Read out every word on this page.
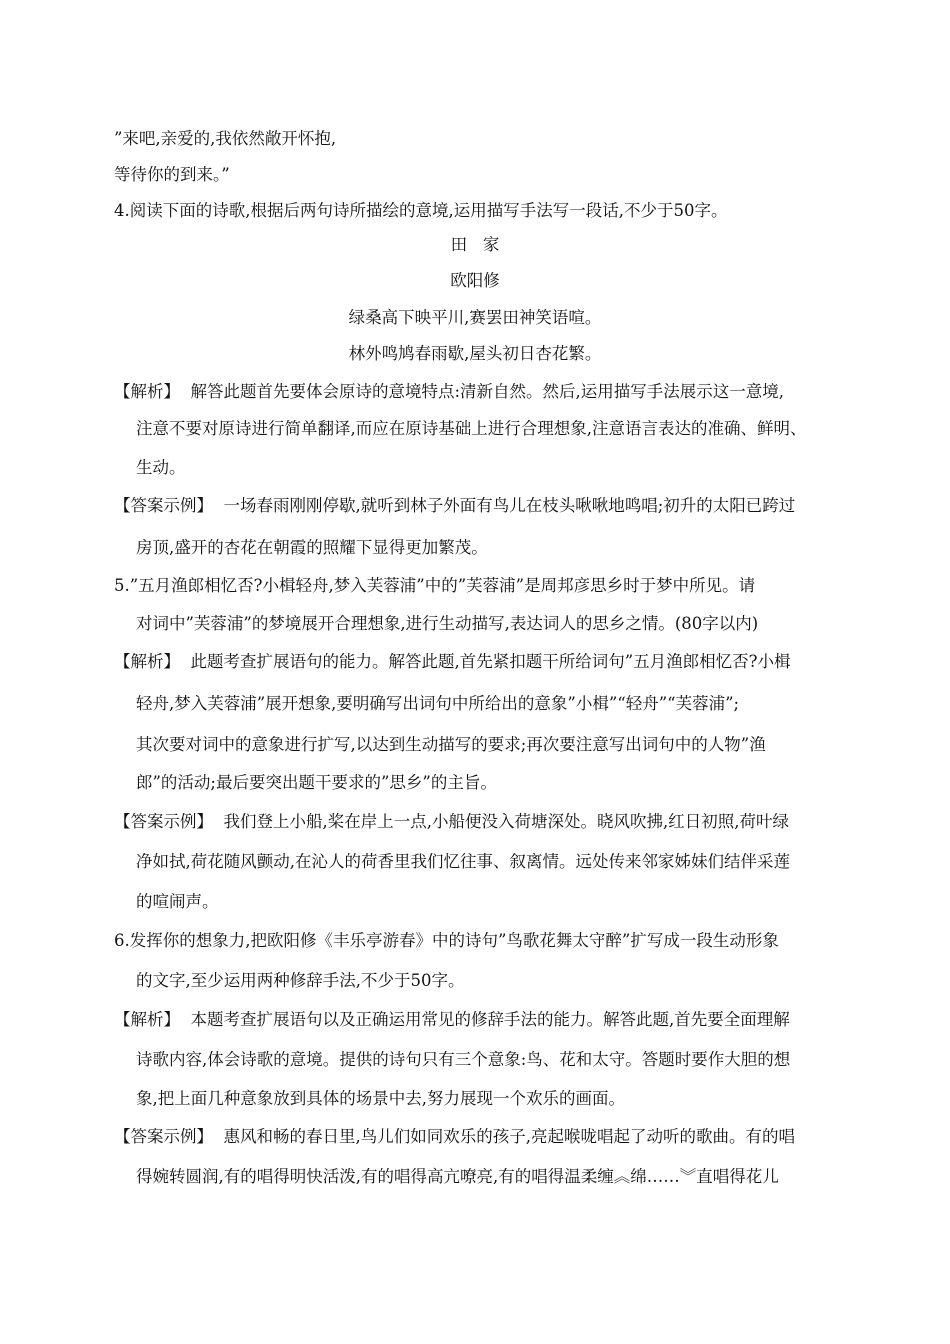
”来吧,亲爱的,我依然敞开怀抱,
等待你的到来。”
4.阅读下面的诗歌,根据后两句诗所描绘的意境,运用描写手法写一段话,不少于50字。
田   家
欧阳修
绿桑高下映平川,赛罢田神笑语喧。
林外鸣鸠春雨歇,屋头初日杏花繁。
【解析】  解答此题首先要体会原诗的意境特点:清新自然。然后,运用描写手法展示这一意境,
注意不要对原诗进行简单翻译,而应在原诗基础上进行合理想象,注意语言表达的准确、鲜明、
生动。
【答案示例】  一场春雨刚刚停歇,就听到林子外面有鸟儿在枝头啾啾地鸣唱;初升的太阳已跨过
房顶,盛开的杏花在朝霞的照耀下显得更加繁茂。
5.”五月渔郎相忆否?小楫轻舟,梦入芙蓉浦”中的”芙蓉浦”是周邦彦思乡时于梦中所见。请
对词中”芙蓉浦”的梦境展开合理想象,进行生动描写,表达词人的思乡之情。(80字以内)
【解析】  此题考查扩展语句的能力。解答此题,首先紧扣题干所给词句”五月渔郎相忆否?小楫
轻舟,梦入芙蓉浦”展开想象,要明确写出词句中所给出的意象”小楫”“轻舟”“芙蓉浦”;
其次要对词中的意象进行扩写,以达到生动描写的要求;再次要注意写出词句中的人物”渔
郎”的活动;最后要突出题干要求的”思乡”的主旨。
【答案示例】  我们登上小船,桨在岸上一点,小船便没入荷塘深处。晓风吹拂,红日初照,荷叶绿
净如拭,荷花随风颤动,在沁人的荷香里我们忆往事、叙离情。远处传来邻家姊妹们结伴采莲
的喧闹声。
6.发挥你的想象力,把欧阳修《丰乐亭游春》中的诗句”鸟歌花舞太守醉”扩写成一段生动形象
的文字,至少运用两种修辞手法,不少于50字。
【解析】  本题考查扩展语句以及正确运用常见的修辞手法的能力。解答此题,首先要全面理解
诗歌内容,体会诗歌的意境。提供的诗句只有三个意象:鸟、花和太守。答题时要作大胆的想
象,把上面几种意象放到具体的场景中去,努力展现一个欢乐的画面。
【答案示例】  惠风和畅的春日里,鸟儿们如同欢乐的孩子,亮起喉咙唱起了动听的歌曲。有的唱
得婉转圆润,有的唱得明快活泼,有的唱得高亢嘹亮,有的唱得温柔缠︽绵……︾直唱得花儿
